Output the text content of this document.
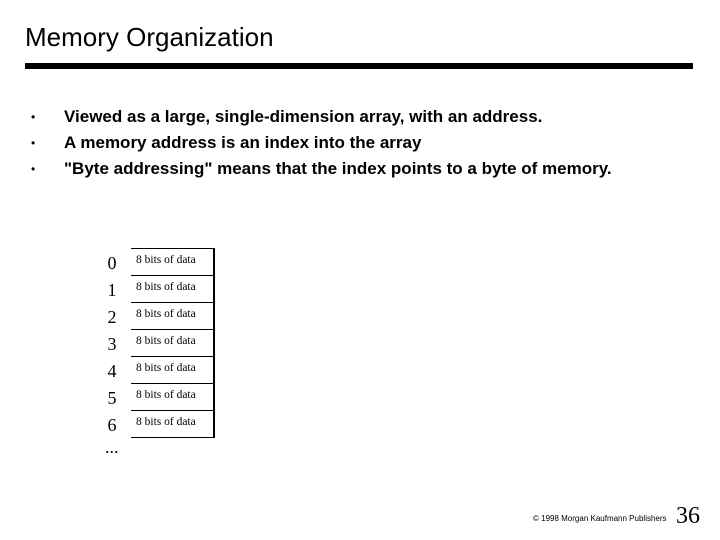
Memory Organization
• Viewed as a large, single-dimension array, with an address.
• A memory address is an index into the array
• "Byte addressing" means that the index points to a byte of memory.
0	8 bits of data
1	8 bits of data
2	8 bits of data
3	8 bits of data
4	8 bits of data
5	8 bits of data
6	8 bits of data
...
© 1998 Morgan Kaufmann Publishers 36
